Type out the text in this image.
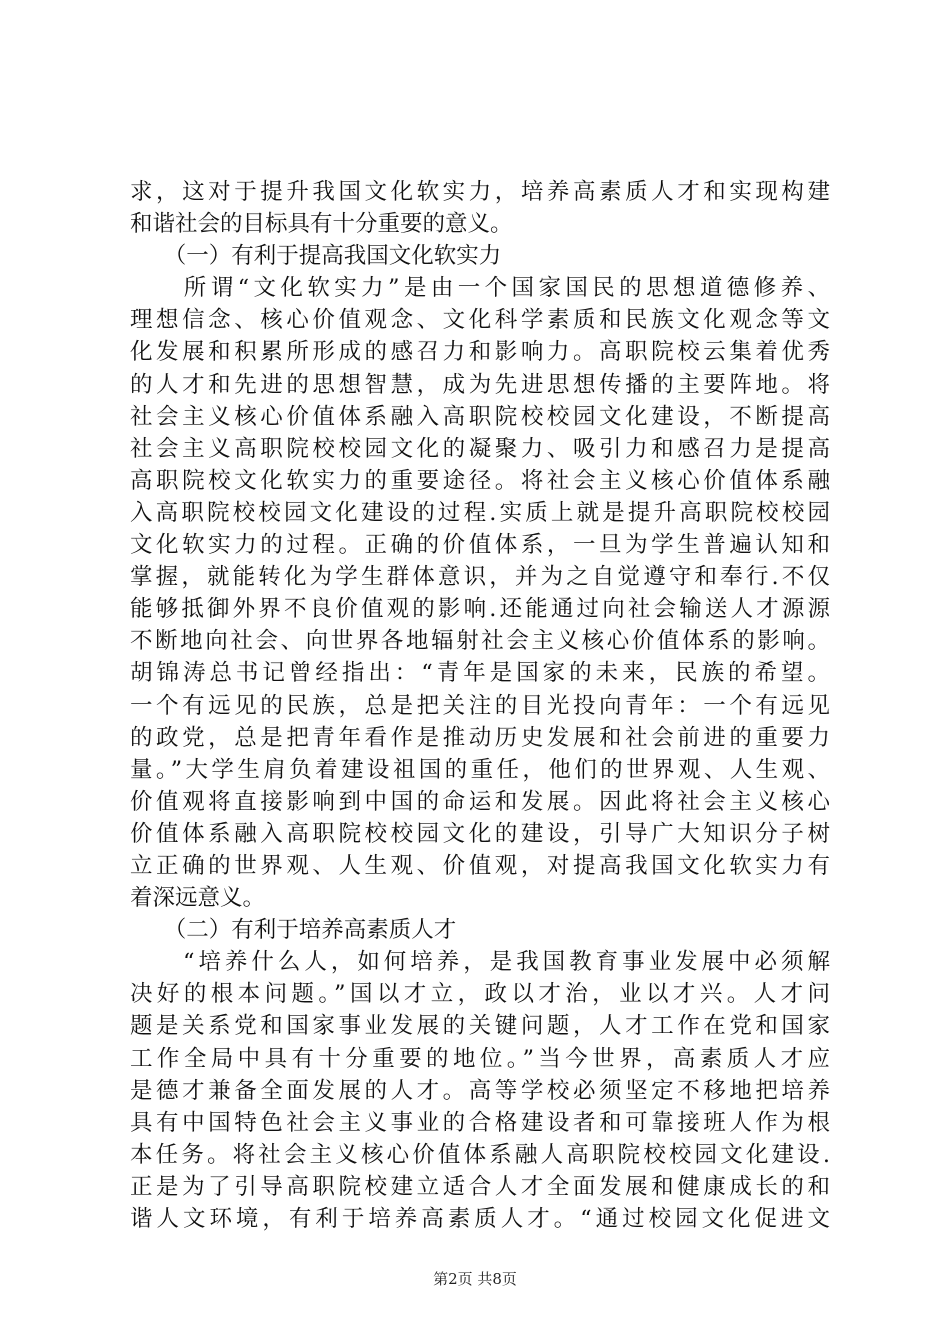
求，这对于提升我国文化软实力，培养高素质人才和实现构建
和谐社会的目标具有十分重要的意义。
　　（一）有利于提高我国文化软实力
　　所谓“文化软实力”是由一个国家国民的思想道德修养、
理想信念、核心价值观念、文化科学素质和民族文化观念等文
化发展和积累所形成的感召力和影响力。高职院校云集着优秀
的人才和先进的思想智慧，成为先进思想传播的主要阵地。将
社会主义核心价值体系融入高职院校校园文化建设，不断提高
社会主义高职院校校园文化的凝聚力、吸引力和感召力是提高
高职院校文化软实力的重要途径。将社会主义核心价值体系融
入高职院校校园文化建设的过程.实质上就是提升高职院校校园
文化软实力的过程。正确的价值体系，一旦为学生普遍认知和
掌握，就能转化为学生群体意识，并为之自觉遵守和奉行.不仅
能够抵御外界不良价值观的影响.还能通过向社会输送人才源源
不断地向社会、向世界各地辐射社会主义核心价值体系的影响。
胡锦涛总书记曾经指出：“青年是国家的未来，民族的希望。
一个有远见的民族，总是把关注的目光投向青年：一个有远见
的政党，总是把青年看作是推动历史发展和社会前进的重要力
量。”大学生肩负着建设祖国的重任，他们的世界观、人生观、
价值观将直接影响到中国的命运和发展。因此将社会主义核心
价值体系融入高职院校校园文化的建设，引导广大知识分子树
立正确的世界观、人生观、价值观，对提高我国文化软实力有
着深远意义。
　　（二）有利于培养高素质人才
　　“培养什么人，如何培养，是我国教育事业发展中必须解
决好的根本问题。”国以才立，政以才治，业以才兴。人才问
题是关系党和国家事业发展的关键问题，人才工作在党和国家
工作全局中具有十分重要的地位。”当今世界，高素质人才应
是德才兼备全面发展的人才。高等学校必须坚定不移地把培养
具有中国特色社会主义事业的合格建设者和可靠接班人作为根
本任务。将社会主义核心价值体系融人高职院校校园文化建设.
正是为了引导高职院校建立适合人才全面发展和健康成长的和
谐人文环境，有利于培养高素质人才。“通过校园文化促进文
第2页 共8页
